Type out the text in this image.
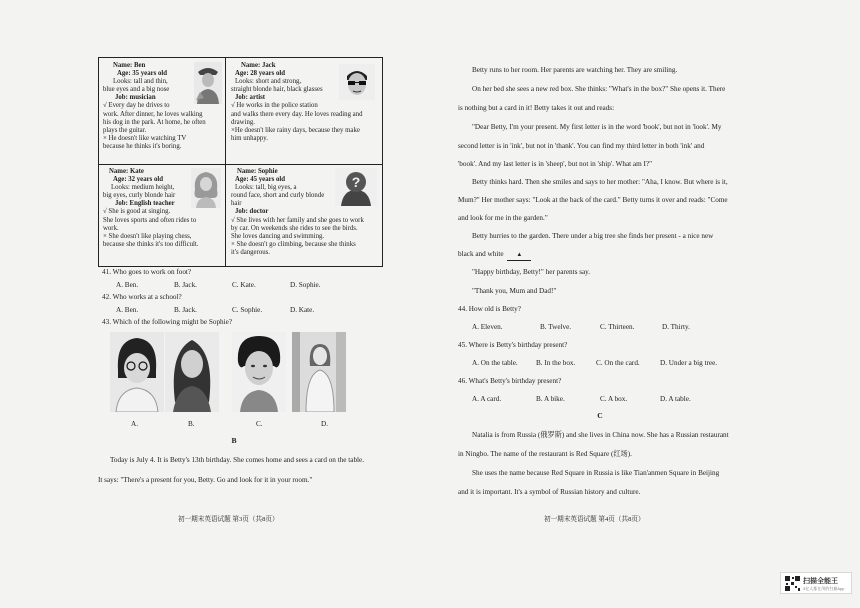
Name: Ben
Age: 35 years old
Looks: tall and thin,
blue eyes and a big nose
Job: musician
√ Every day he drives to
work. After dinner, he loves walking
his dog in the park. At home, he often
plays the guitar.
× He doesn't like watching TV
because he thinks it's boring.
Name: Jack
Age: 28 years old
Looks: short and strong,
straight blonde hair, black glasses
Job: artist
√ He works in the police station
and walks there every day. He loves reading and
drawing.
×He doesn't like rainy days, because they make
him unhappy.
Name: Kate
Age: 32 years old
Looks: medium height,
big eyes, curly blonde hair
Job: English teacher
√ She is good at singing.
She loves sports and often rides to
work.
× She doesn't like playing chess,
because she thinks it's too difficult.
Name: Sophie
Age: 45 years old
Looks: tall, big eyes, a
round face, short and curly blonde
hair
Job: doctor
√ She lives with her family and she goes to work
by car. On weekends she rides to see the birds.
She loves dancing and swimming.
× She doesn't go climbing, because she thinks
it's dangerous.
?
41. Who goes to work on foot?
A. Ben.	B. Jack.	C. Kate.	D. Sophie.
42. Who works at a school?
A. Ben.	B. Jack.	C. Sophie.	D. Kate.
43. Which of the following might be Sophie?
A.	B.	C.	D.
B
Today is July 4. It is Betty's 13th birthday. She comes home and sees a card on the table.
It says: "There's a present for you, Betty. Go and look for it in your room."
初一期末英语试题 第3页（共8页）
Betty runs to her room. Her parents are watching her. They are smiling.
On her bed she sees a new red box. She thinks: "What's in the box?" She opens it. There
is nothing but a card in it! Betty takes it out and reads:
"Dear Betty, I'm your present. My first letter is in the word 'book', but not in 'look'. My
second letter is in 'ink', but not in 'thank'. You can find my third letter in both 'ink' and
'book'. And my last letter is in 'sheep', but not in 'ship'. What am I?"
Betty thinks hard. Then she smiles and says to her mother: "Aha, I know. But where is it,
Mum?" Her mother says: "Look at the back of the card." Betty turns it over and reads: "Come
and look for me in the garden."
Betty hurries to the garden. There under a big tree she finds her present - a nice new
black and white ▲
"Happy birthday, Betty!" her parents say.
"Thank you, Mum and Dad!"
44. How old is Betty?
A. Eleven.	B. Twelve.	C. Thirteen.	D. Thirty.
45. Where is Betty's birthday present?
A. On the table.	B. In the box.	C. On the card.	D. Under a big tree.
46. What's Betty's birthday present?
A. A card.	B. A bike.	C. A box.	D. A table.
C
Natalia is from Russia (俄罗斯) and she lives in China now. She has a Russian restaurant
in Ningbo. The name of the restaurant is Red Square (红场).
She uses the name because Red Square in Russia is like Tian'anmen Square in Beijing
and it is important. It's a symbol of Russian history and culture.
初一期末英语试题 第4页（共8页）
扫描全能王
3亿人都在用的扫描App
